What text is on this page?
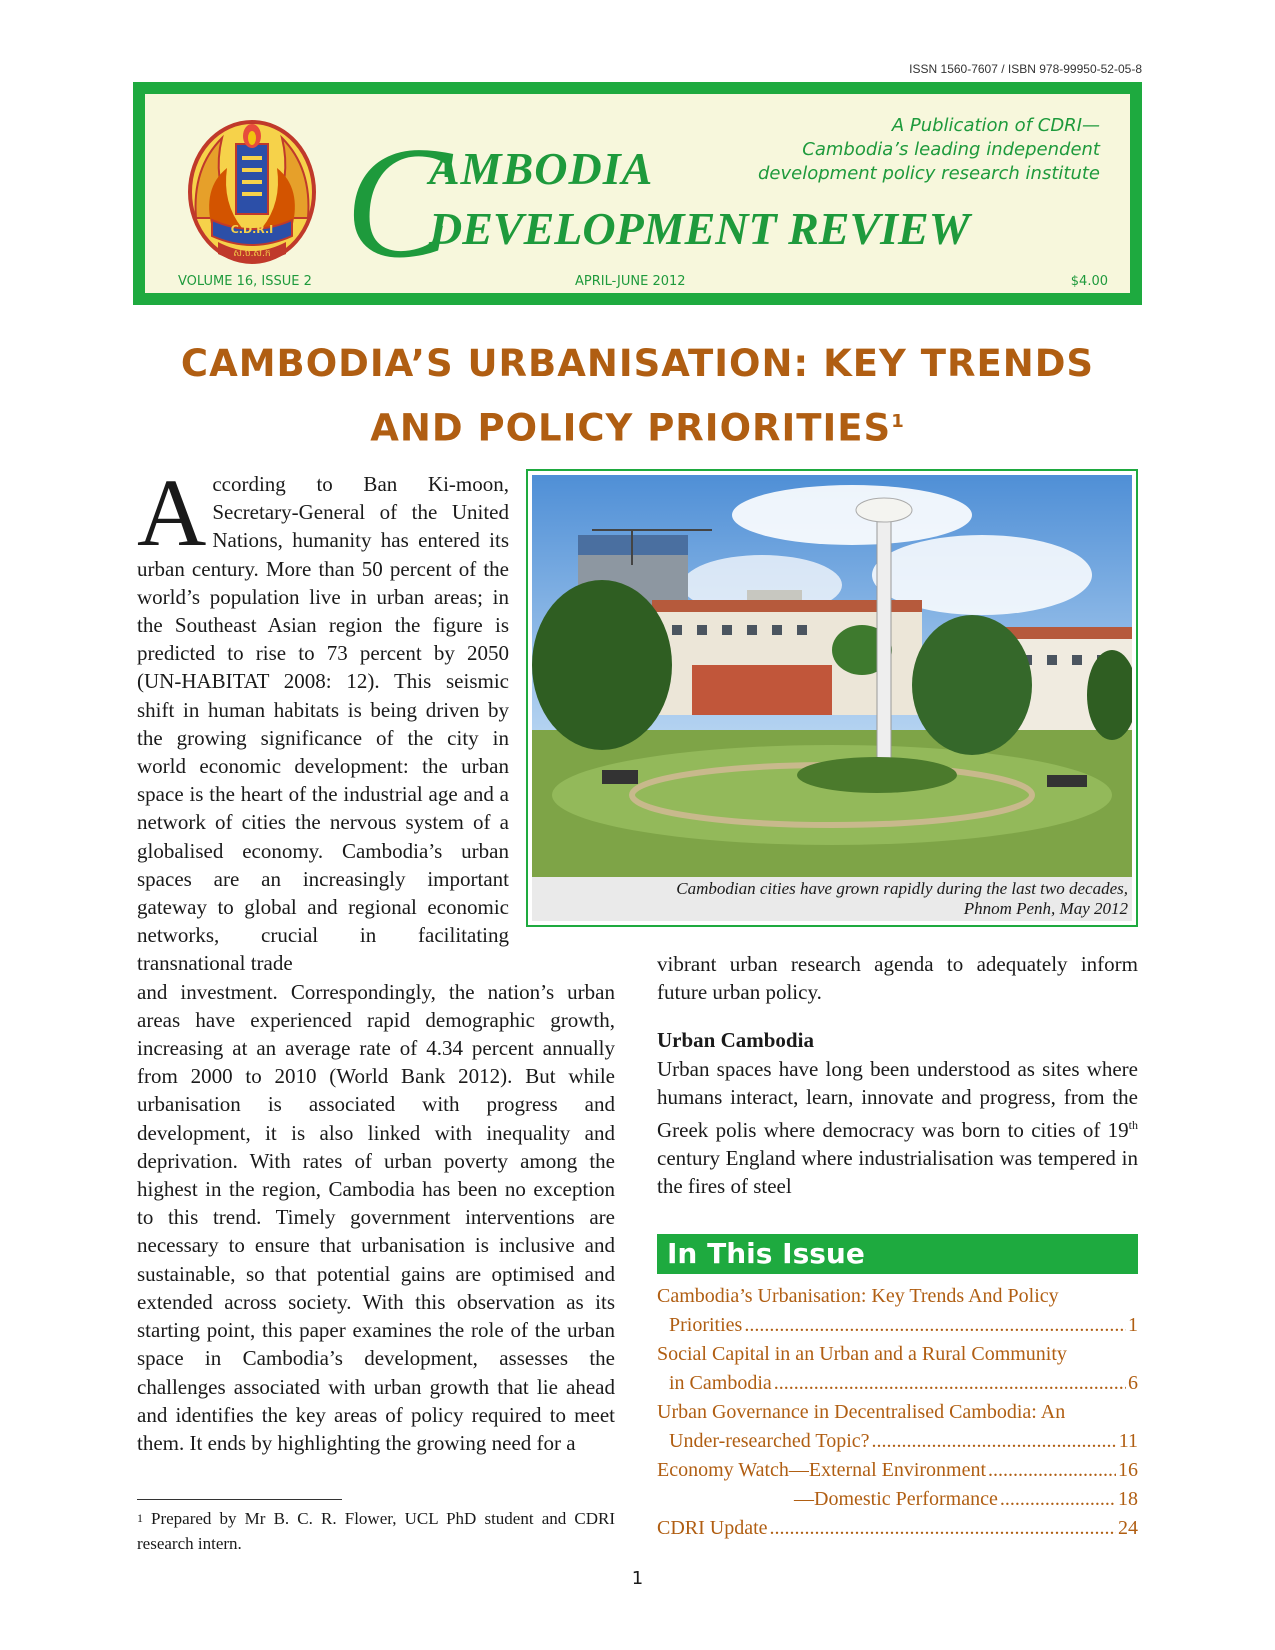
ISSN 1560-7607 / ISBN 978-99950-52-05-8
C.D.R.I
ស.ប.ស.ក C
AMBODIA
DEVELOPMENT REVIEW
A Publication of CDRI—
Cambodia’s leading independent
development policy research institute
VOLUME 16, ISSUE 2	APRIL-JUNE 2012	$4.00
CAMBODIA’S URBANISATION: KEY TRENDS
AND POLICY PRIORITIES$^1$

According to Ban Ki-moon, Secretary-General of the United Nations, humanity has entered its urban century. More than 50 percent of the world’s population live in urban areas; in the Southeast Asian region the figure is predicted to rise to 73 percent by 2050 (UN-HABITAT 2008: 12). This seismic shift in human habitats is being driven by the growing significance of the city in world economic development: the urban space is the heart of the industrial age and a network of cities the nervous system of a globalised economy. Cambodia’s urban spaces are an increasingly important gateway to global and regional economic networks, crucial in facilitating transnational trade

and investment. Correspondingly, the nation’s urban areas have experienced rapid demographic growth, increasing at an average rate of 4.34 percent annually from 2000 to 2010 (World Bank 2012). But while urbanisation is associated with progress and development, it is also linked with inequality and deprivation. With rates of urban poverty among the highest in the region, Cambodia has been no exception to this trend. Timely government interventions are necessary to ensure that urbanisation is inclusive and sustainable, so that potential gains are optimised and extended across society. With this observation as its starting point, this paper examines the role of the urban space in Cambodia’s development, assesses the challenges associated with urban growth that lie ahead and identifies the key areas of policy required to meet them. It ends by highlighting the growing need for a

Cambodian cities have grown rapidly during the last two decades,
Phnom Penh, May 2012

vibrant urban research agenda to adequately inform future urban policy.

Urban Cambodia

Urban spaces have long been understood as sites where humans interact, learn, innovate and progress, from the Greek polis where democracy was born to cities of 19th century England where industrialisation was tempered in the fires of steel

$^1$ Prepared by Mr B. C. R. Flower, UCL PhD student and CDRI research intern.
In This Issue
Cambodia’s Urbanisation: Key Trends And Policy
Priorities .....	1
Social Capital in an Urban and a Rural Community
in Cambodia .....	6
Urban Governance in Decentralised Cambodia: An
Under-researched Topic? .....	11
Economy Watch—External Environment .....	16
—Domestic Performance .....	18
CDRI Update .....	24
1
